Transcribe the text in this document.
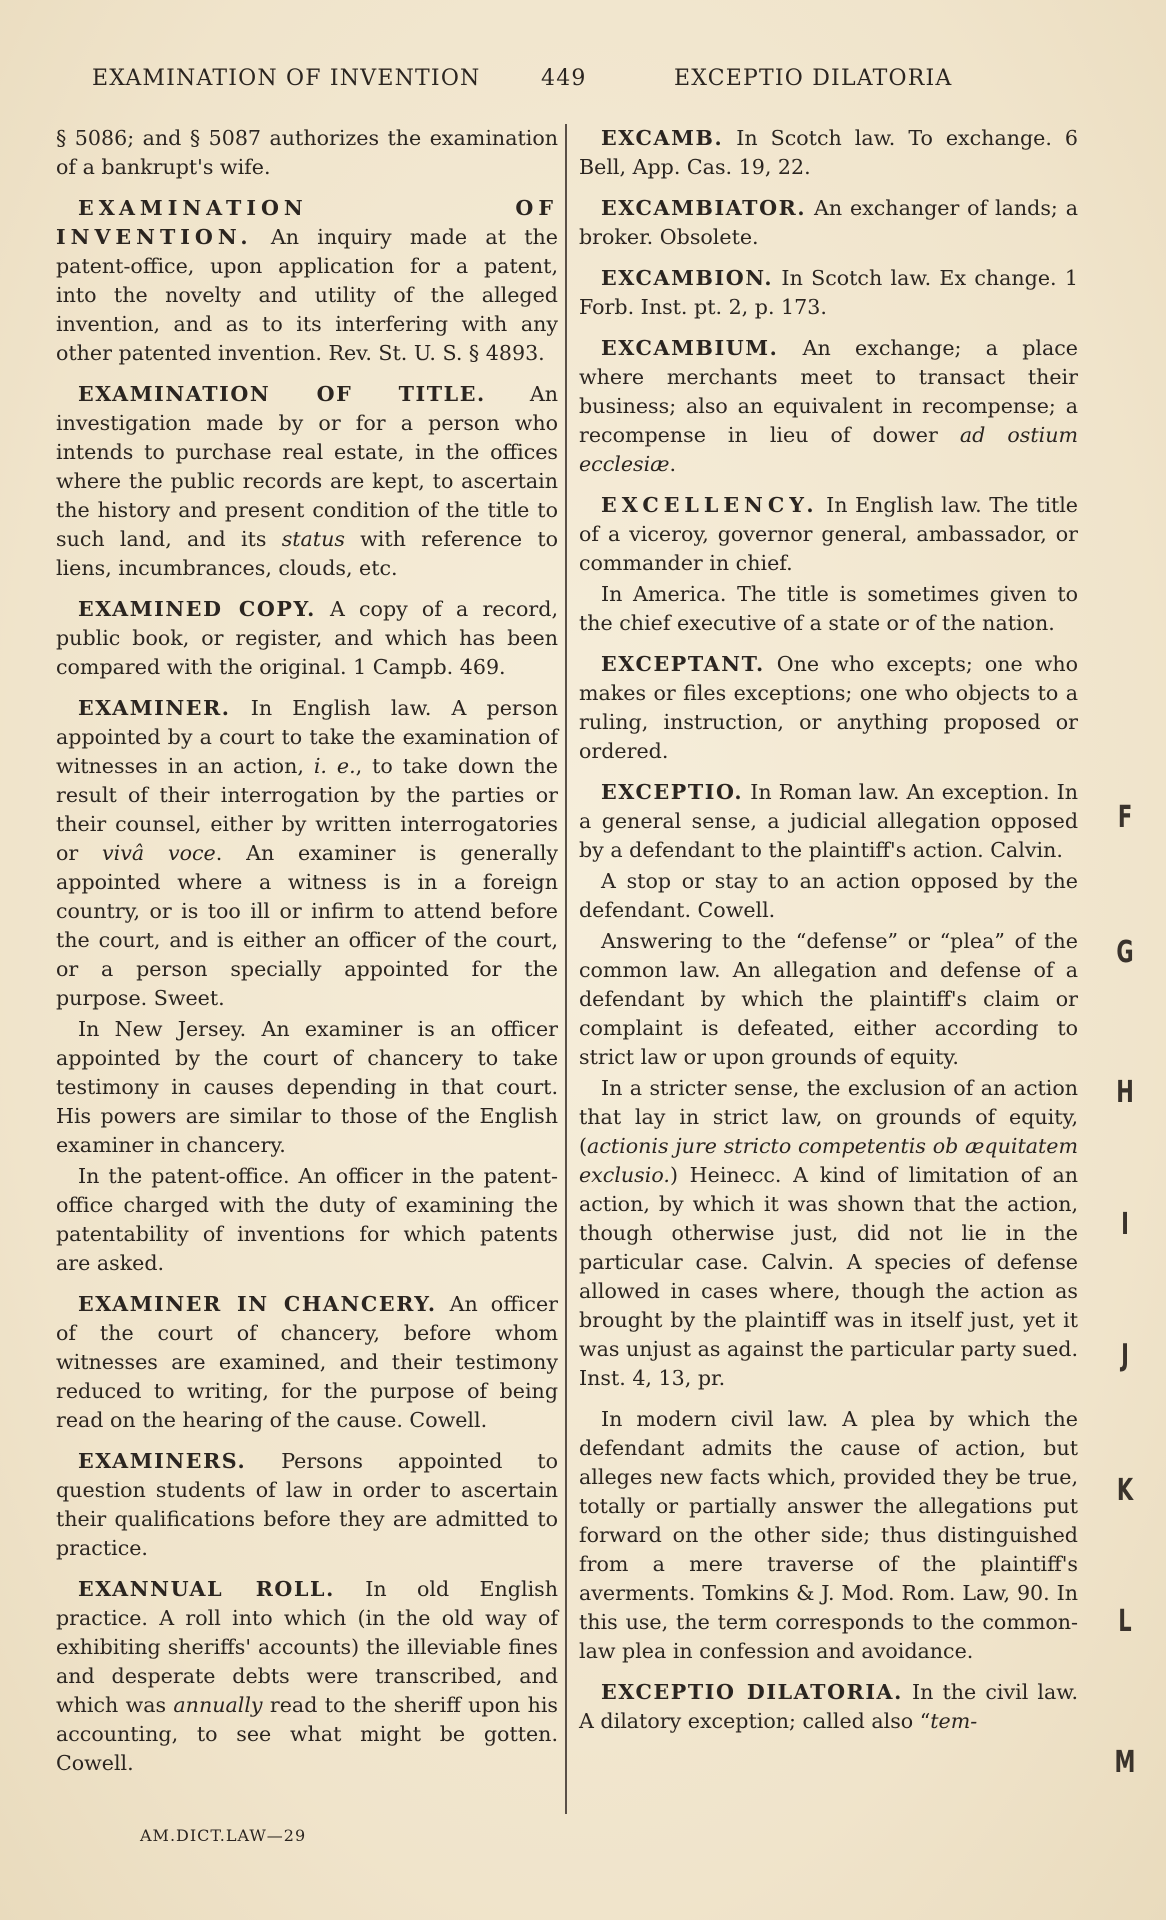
EXAMINATION OF INVENTION	449	EXCEPTIO DILATORIA

§ 5086; and § 5087 authorizes the examination of a bankrupt's wife.

EXAMINATION OF INVENTION. An inquiry made at the patent-office, upon application for a patent, into the novelty and utility of the alleged invention, and as to its interfering with any other patented invention. Rev. St. U. S. § 4893.

EXAMINATION OF TITLE. An investigation made by or for a person who intends to purchase real estate, in the offices where the public records are kept, to ascertain the history and present condition of the title to such land, and its status with reference to liens, incumbrances, clouds, etc.

EXAMINED COPY. A copy of a record, public book, or register, and which has been compared with the original. 1 Campb. 469.

EXAMINER. In English law. A person appointed by a court to take the examination of witnesses in an action, i. e., to take down the result of their interrogation by the parties or their counsel, either by written interrogatories or vivâ voce. An examiner is generally appointed where a witness is in a foreign country, or is too ill or infirm to attend before the court, and is either an officer of the court, or a person specially appointed for the purpose. Sweet.

In New Jersey. An examiner is an officer appointed by the court of chancery to take testimony in causes depending in that court. His powers are similar to those of the English examiner in chancery.

In the patent-office. An officer in the patent-office charged with the duty of examining the patentability of inventions for which patents are asked.

EXAMINER IN CHANCERY. An officer of the court of chancery, before whom witnesses are examined, and their testimony reduced to writing, for the purpose of being read on the hearing of the cause. Cowell.

EXAMINERS. Persons appointed to question students of law in order to ascertain their qualifications before they are admitted to practice.

EXANNUAL ROLL. In old English practice. A roll into which (in the old way of exhibiting sheriffs' accounts) the illeviable fines and desperate debts were transcribed, and which was annually read to the sheriff upon his accounting, to see what might be gotten. Cowell.

EXCAMB. In Scotch law. To exchange. 6 Bell, App. Cas. 19, 22.

EXCAMBIATOR. An exchanger of lands; a broker. Obsolete.

EXCAMBION. In Scotch law. Ex change. 1 Forb. Inst. pt. 2, p. 173.

EXCAMBIUM. An exchange; a place where merchants meet to transact their business; also an equivalent in recompense; a recompense in lieu of dower ad ostium ecclesiæ.

EXCELLENCY. In English law. The title of a viceroy, governor general, ambassador, or commander in chief.

In America. The title is sometimes given to the chief executive of a state or of the nation.

EXCEPTANT. One who excepts; one who makes or files exceptions; one who objects to a ruling, instruction, or anything proposed or ordered.

EXCEPTIO. In Roman law. An exception. In a general sense, a judicial allegation opposed by a defendant to the plaintiff's action. Calvin.

A stop or stay to an action opposed by the defendant. Cowell.

Answering to the “defense” or “plea” of the common law. An allegation and defense of a defendant by which the plaintiff's claim or complaint is defeated, either according to strict law or upon grounds of equity.

In a stricter sense, the exclusion of an action that lay in strict law, on grounds of equity, (actionis jure stricto competentis ob æquitatem exclusio.) Heinecc. A kind of limitation of an action, by which it was shown that the action, though otherwise just, did not lie in the particular case. Calvin. A species of defense allowed in cases where, though the action as brought by the plaintiff was in itself just, yet it was unjust as against the particular party sued. Inst. 4, 13, pr.

In modern civil law. A plea by which the defendant admits the cause of action, but alleges new facts which, provided they be true, totally or partially answer the allegations put forward on the other side; thus distinguished from a mere traverse of the plaintiff's averments. Tomkins & J. Mod. Rom. Law, 90. In this use, the term corresponds to the common-law plea in confession and avoidance.

EXCEPTIO DILATORIA. In the civil law. A dilatory exception; called also “tem-

AM.DICT.LAW—29
F
G
H
I
J
K
L
M
